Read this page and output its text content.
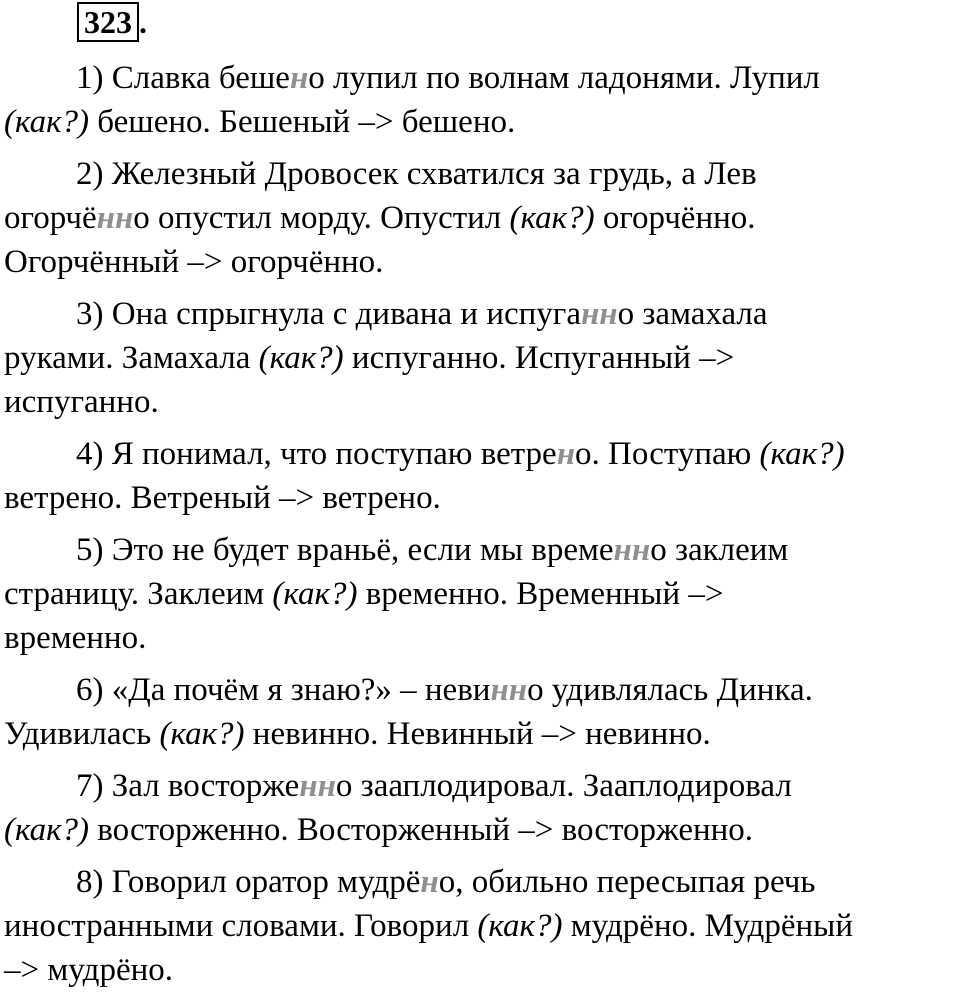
323 .

1) Славка бешено лупил по волнам ладонями. Лупил
(как?) бешено. Бешеный –> бешено.

2) Железный Дровосек схватился за грудь, а Лев
огорчённо опустил морду. Опустил (как?) огорчённо.
Огорчённый –> огорчённо.

3) Она спрыгнула с дивана и испуганно замахала
руками. Замахала (как?) испуганно. Испуганный –>
испуганно.

4) Я понимал, что поступаю ветрено. Поступаю (как?)
ветрено. Ветреный –> ветрено.

5) Это не будет враньё, если мы временно заклеим
страницу. Заклеим (как?) временно. Временный –>
временно.

6) «Да почём я знаю?» – невинно удивлялась Динка.
Удивилась (как?) невинно. Невинный –> невинно.

7) Зал восторженно зааплодировал. Зааплодировал
(как?) восторженно. Восторженный –> восторженно.

8) Говорил оратор мудрёно, обильно пересыпая речь
иностранными словами. Говорил (как?) мудрёно. Мудрёный
–> мудрёно.
